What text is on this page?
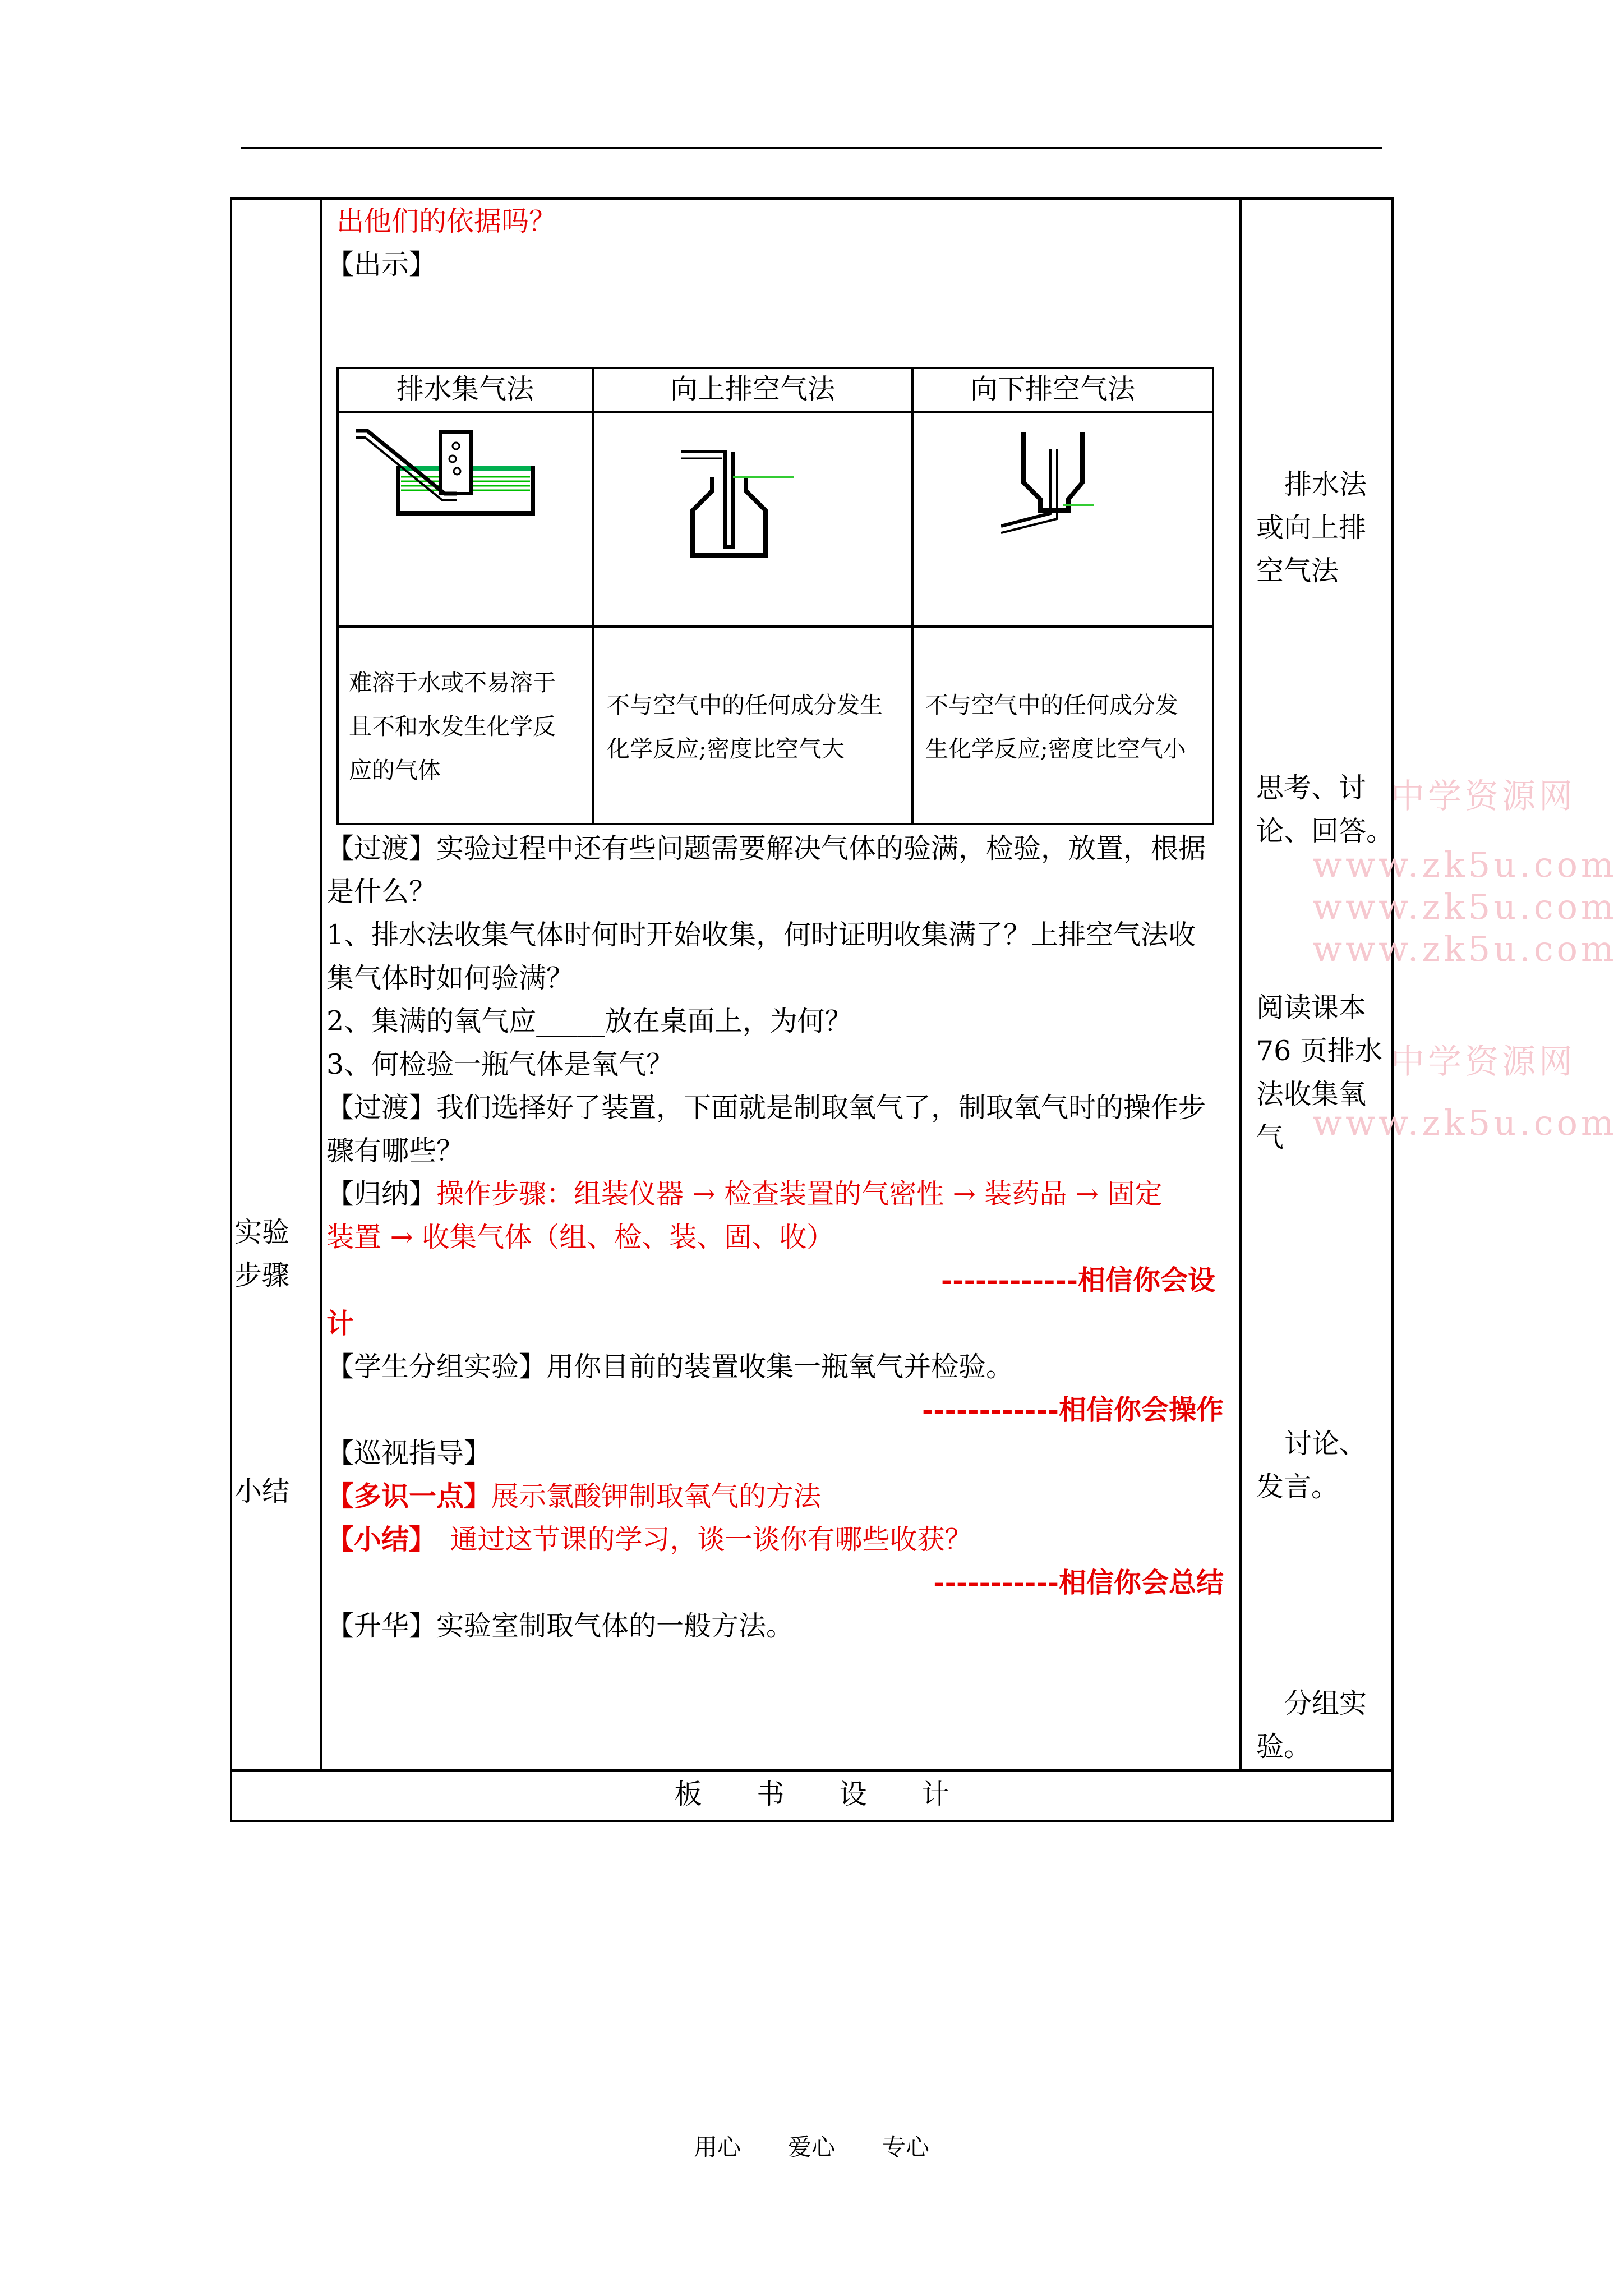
实验
步骤
小结
出他们的依据吗？
【出示】
排水集气法	向上排空气法	向下排空气法
难溶于水或不易溶于
且不和水发生化学反
应的气体
不与空气中的任何成分发生
化学反应;密度比空气大
不与空气中的任何成分发
生化学反应;密度比空气小
【过渡】实验过程中还有些问题需要解决气体的验满，检验，放置，根据
是什么？
1、排水法收集气体时何时开始收集，何时证明收集满了？上排空气法收
集气体时如何验满？
2、集满的氧气应_____放在桌面上，为何？
3、何检验一瓶气体是氧气？
【过渡】我们选择好了装置，下面就是制取氧气了，制取氧气时的操作步
骤有哪些？
【归纳】操作步骤：组装仪器 → 检查装置的气密性 → 装药品 → 固定
装置 → 收集气体（组、检、装、固、收）
------------相信你会设
计
【学生分组实验】用你目前的装置收集一瓶氧气并检验。
------------相信你会操作
【巡视指导】
【多识一点】展示氯酸钾制取氧气的方法
【小结】　 通过这节课的学习，谈一谈你有哪些收获？
-----------相信你会总结
【升华】实验室制取气体的一般方法。
排水法
或向上排
空气法
思考、讨
论、回答。
阅读课本
76 页排水
法收集氧
气
讨论、
发言。
分组实
验。
中学资源网
www.zk5u.com
www.zk5u.com
www.zk5u.com
中学资源网
www.zk5u.com
板　　书　　设　　计
用心　　爱心　　专心
